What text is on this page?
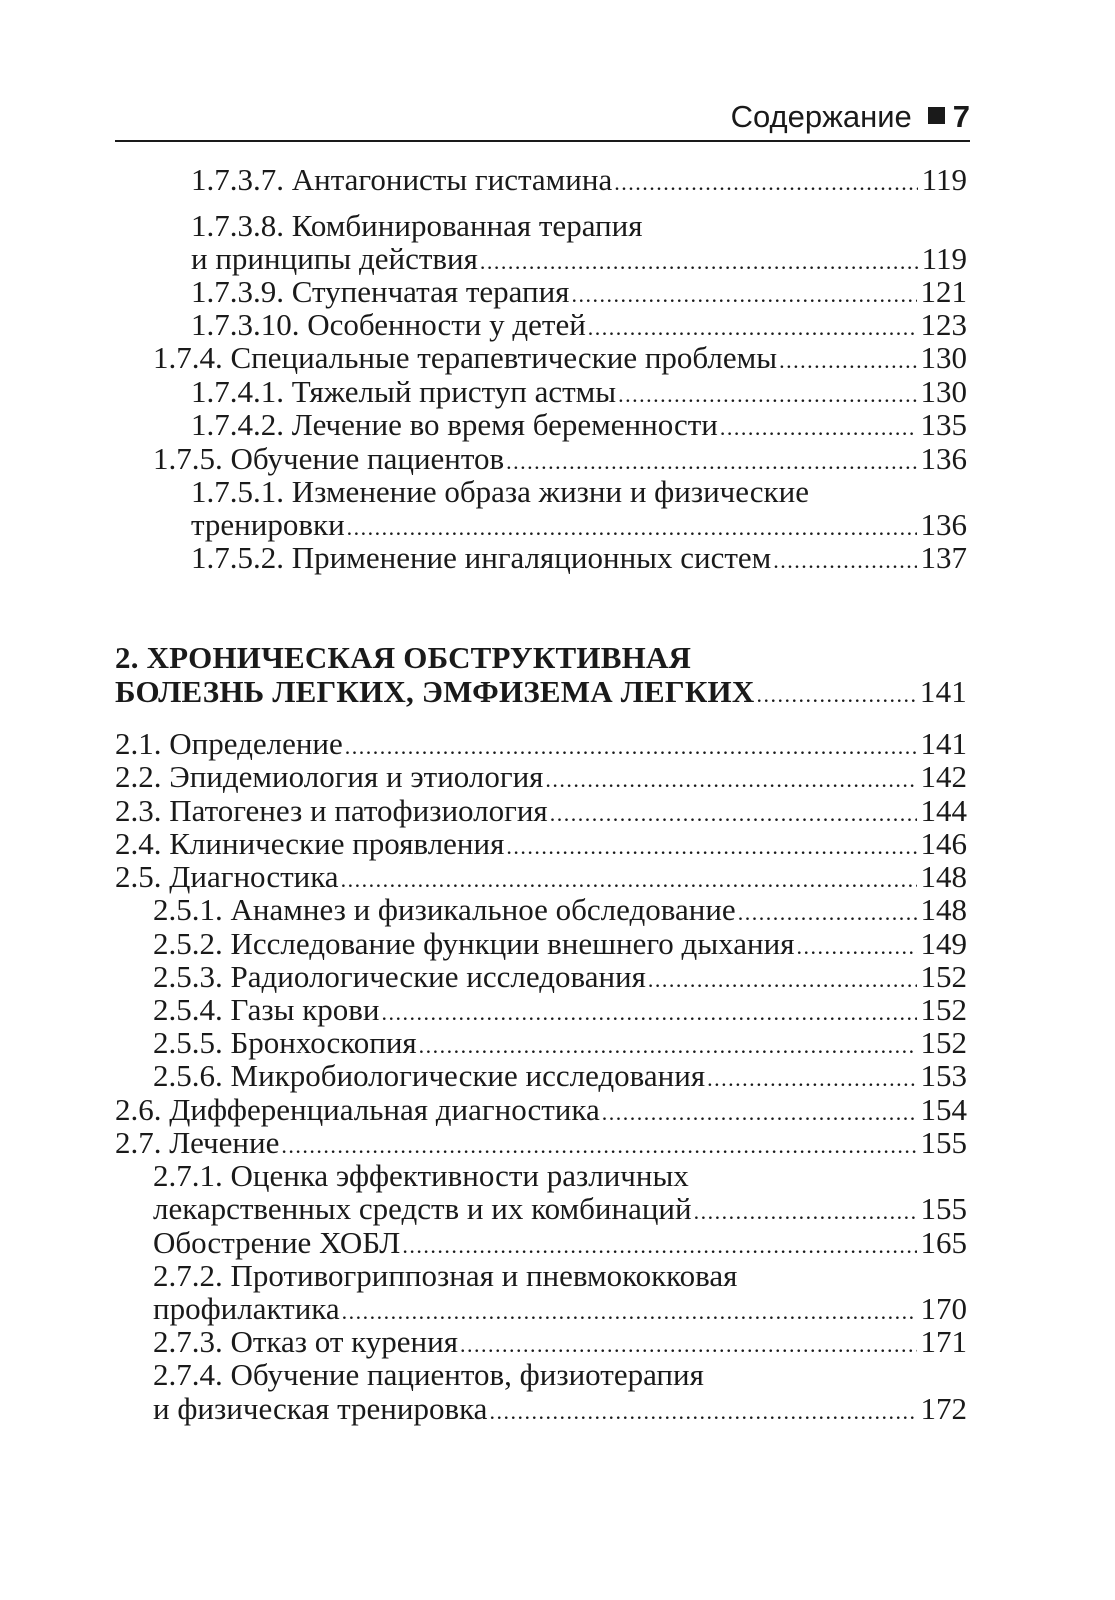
Содержание 7
1.7.3.7. Антагонисты гистамина .....	119
1.7.3.8. Комбинированная терапия
и принципы действия .....	119
1.7.3.9. Ступенчатая терапия .....	121
1.7.3.10. Особенности у детей .....	123
1.7.4. Специальные терапевтические проблемы .....	130
1.7.4.1. Тяжелый приступ астмы .....	130
1.7.4.2. Лечение во время беременности .....	135
1.7.5. Обучение пациентов .....	136
1.7.5.1. Изменение образа жизни и физические
тренировки .....	136
1.7.5.2. Применение ингаляционных систем .....	137
2. ХРОНИЧЕСКАЯ ОБСТРУКТИВНАЯ
БОЛЕЗНЬ ЛЕГКИХ, ЭМФИЗЕМА ЛЕГКИХ .....	141
2.1. Определение .....	141
2.2. Эпидемиология и этиология .....	142
2.3. Патогенез и патофизиология .....	144
2.4. Клинические проявления .....	146
2.5. Диагностика .....	148
2.5.1. Анамнез и физикальное обследование .....	148
2.5.2. Исследование функции внешнего дыхания .....	149
2.5.3. Радиологические исследования .....	152
2.5.4. Газы крови .....	152
2.5.5. Бронхоскопия .....	152
2.5.6. Микробиологические исследования .....	153
2.6. Дифференциальная диагностика .....	154
2.7. Лечение .....	155
2.7.1. Оценка эффективности различных
лекарственных средств и их комбинаций .....	155
Обострение ХОБЛ .....	165
2.7.2. Противогриппозная и пневмококковая
профилактика .....	170
2.7.3. Отказ от курения .....	171
2.7.4. Обучение пациентов, физиотерапия
и физическая тренировка .....	172
